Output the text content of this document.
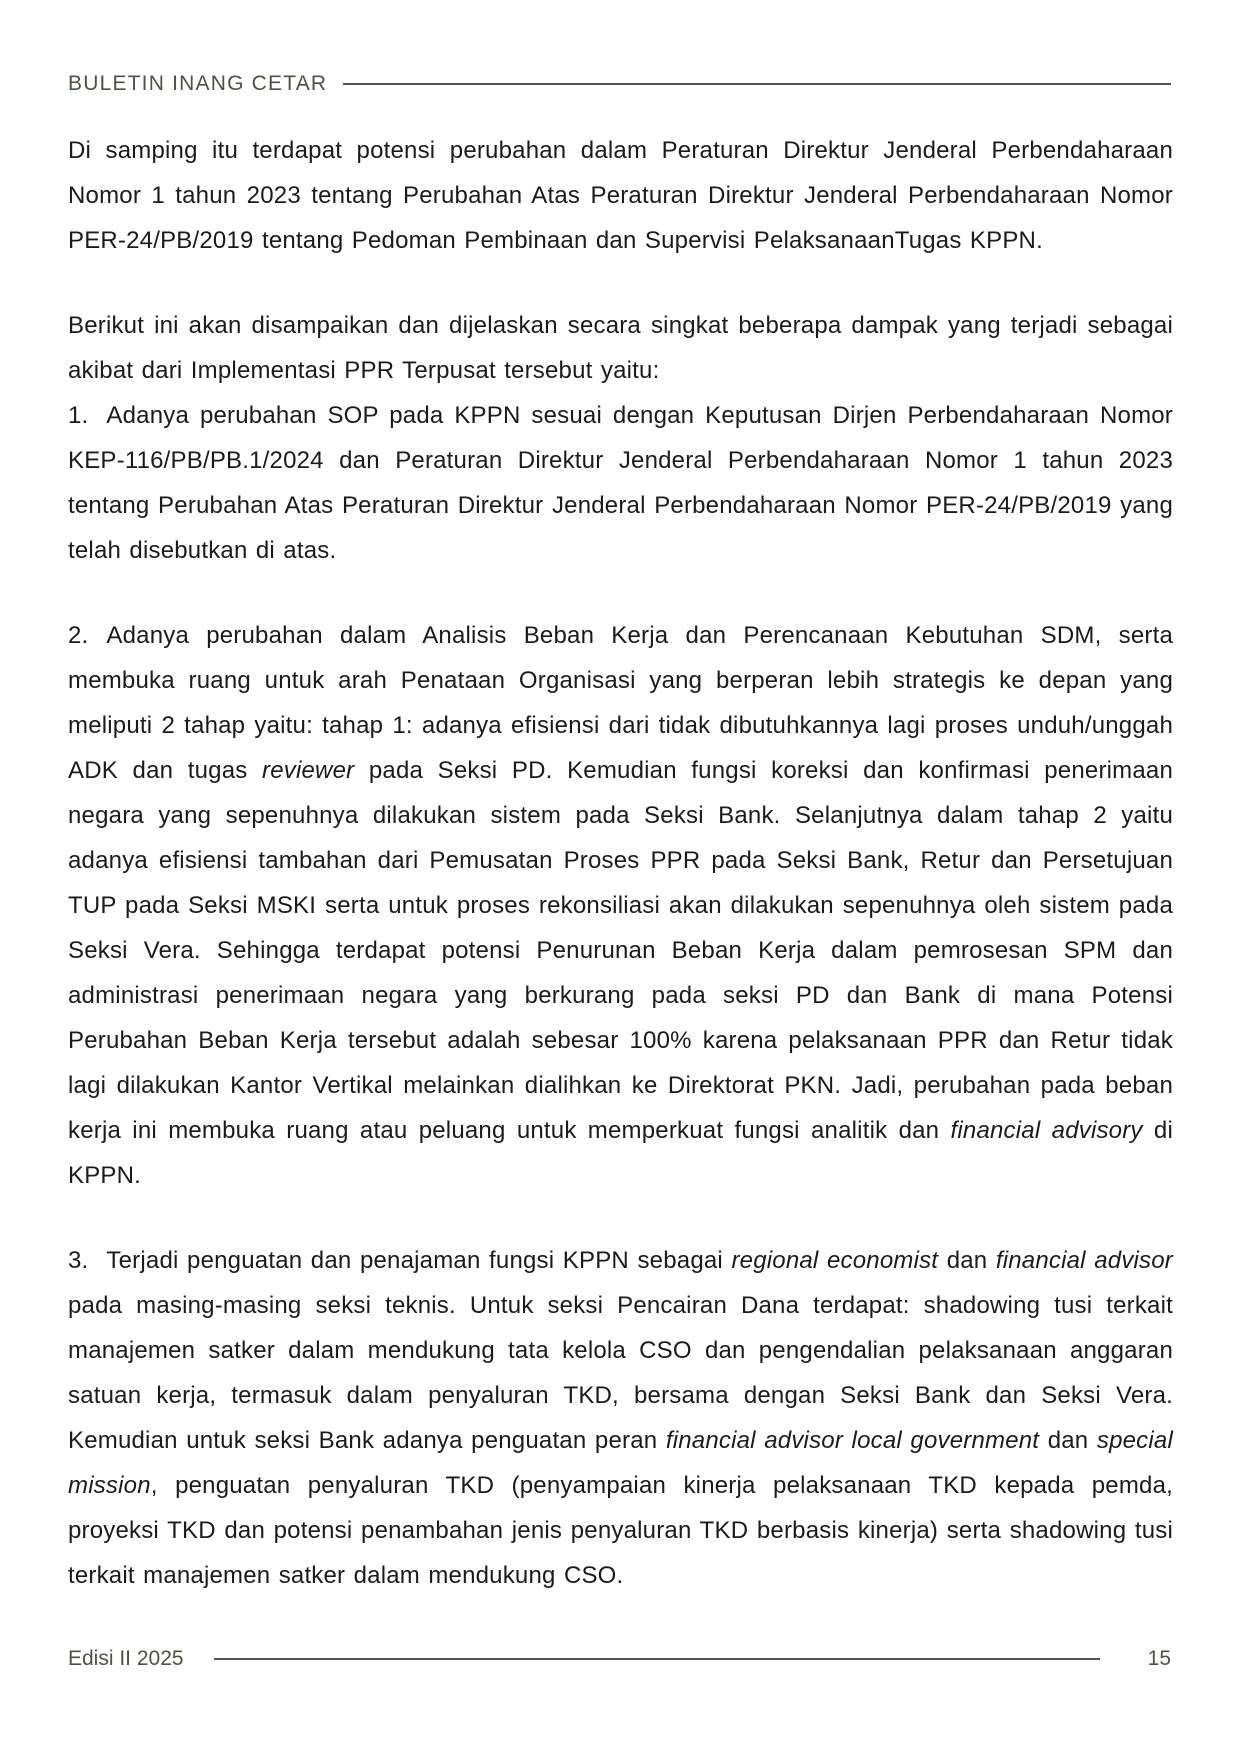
BULETIN INANG CETAR

Di samping itu terdapat potensi perubahan dalam Peraturan Direktur Jenderal Perbendaharaan Nomor 1 tahun 2023 tentang Perubahan Atas Peraturan Direktur Jenderal Perbendaharaan Nomor PER-24/PB/2019 tentang Pedoman Pembinaan dan Supervisi PelaksanaanTugas KPPN.

Berikut ini akan disampaikan dan dijelaskan secara singkat beberapa dampak yang terjadi sebagai akibat dari Implementasi PPR Terpusat tersebut yaitu:

1. Adanya perubahan SOP pada KPPN sesuai dengan Keputusan Dirjen Perbendaharaan Nomor KEP-116/PB/PB.1/2024 dan Peraturan Direktur Jenderal Perbendaharaan Nomor 1 tahun 2023 tentang Perubahan Atas Peraturan Direktur Jenderal Perbendaharaan Nomor PER-24/PB/2019 yang telah disebutkan di atas.

2. Adanya perubahan dalam Analisis Beban Kerja dan Perencanaan Kebutuhan SDM, serta membuka ruang untuk arah Penataan Organisasi yang berperan lebih strategis ke depan yang meliputi 2 tahap yaitu: tahap 1: adanya efisiensi dari tidak dibutuhkannya lagi proses unduh/unggah ADK dan tugas reviewer pada Seksi PD. Kemudian fungsi koreksi dan konfirmasi penerimaan negara yang sepenuhnya dilakukan sistem pada Seksi Bank. Selanjutnya dalam tahap 2 yaitu adanya efisiensi tambahan dari Pemusatan Proses PPR pada Seksi Bank, Retur dan Persetujuan TUP pada Seksi MSKI serta untuk proses rekonsiliasi akan dilakukan sepenuhnya oleh sistem pada Seksi Vera. Sehingga terdapat potensi Penurunan Beban Kerja dalam pemrosesan SPM dan administrasi penerimaan negara yang berkurang pada seksi PD dan Bank di mana Potensi Perubahan Beban Kerja tersebut adalah sebesar 100% karena pelaksanaan PPR dan Retur tidak lagi dilakukan Kantor Vertikal melainkan dialihkan ke Direktorat PKN. Jadi, perubahan pada beban kerja ini membuka ruang atau peluang untuk memperkuat fungsi analitik dan financial advisory di KPPN.

3. Terjadi penguatan dan penajaman fungsi KPPN sebagai regional economist dan financial advisor pada masing-masing seksi teknis. Untuk seksi Pencairan Dana terdapat: shadowing tusi terkait manajemen satker dalam mendukung tata kelola CSO dan pengendalian pelaksanaan anggaran satuan kerja, termasuk dalam penyaluran TKD, bersama dengan Seksi Bank dan Seksi Vera. Kemudian untuk seksi Bank adanya penguatan peran financial advisor local government dan special mission, penguatan penyaluran TKD (penyampaian kinerja pelaksanaan TKD kepada pemda, proyeksi TKD dan potensi penambahan jenis penyaluran TKD berbasis kinerja) serta shadowing tusi terkait manajemen satker dalam mendukung CSO.

Edisi II 2025	15
